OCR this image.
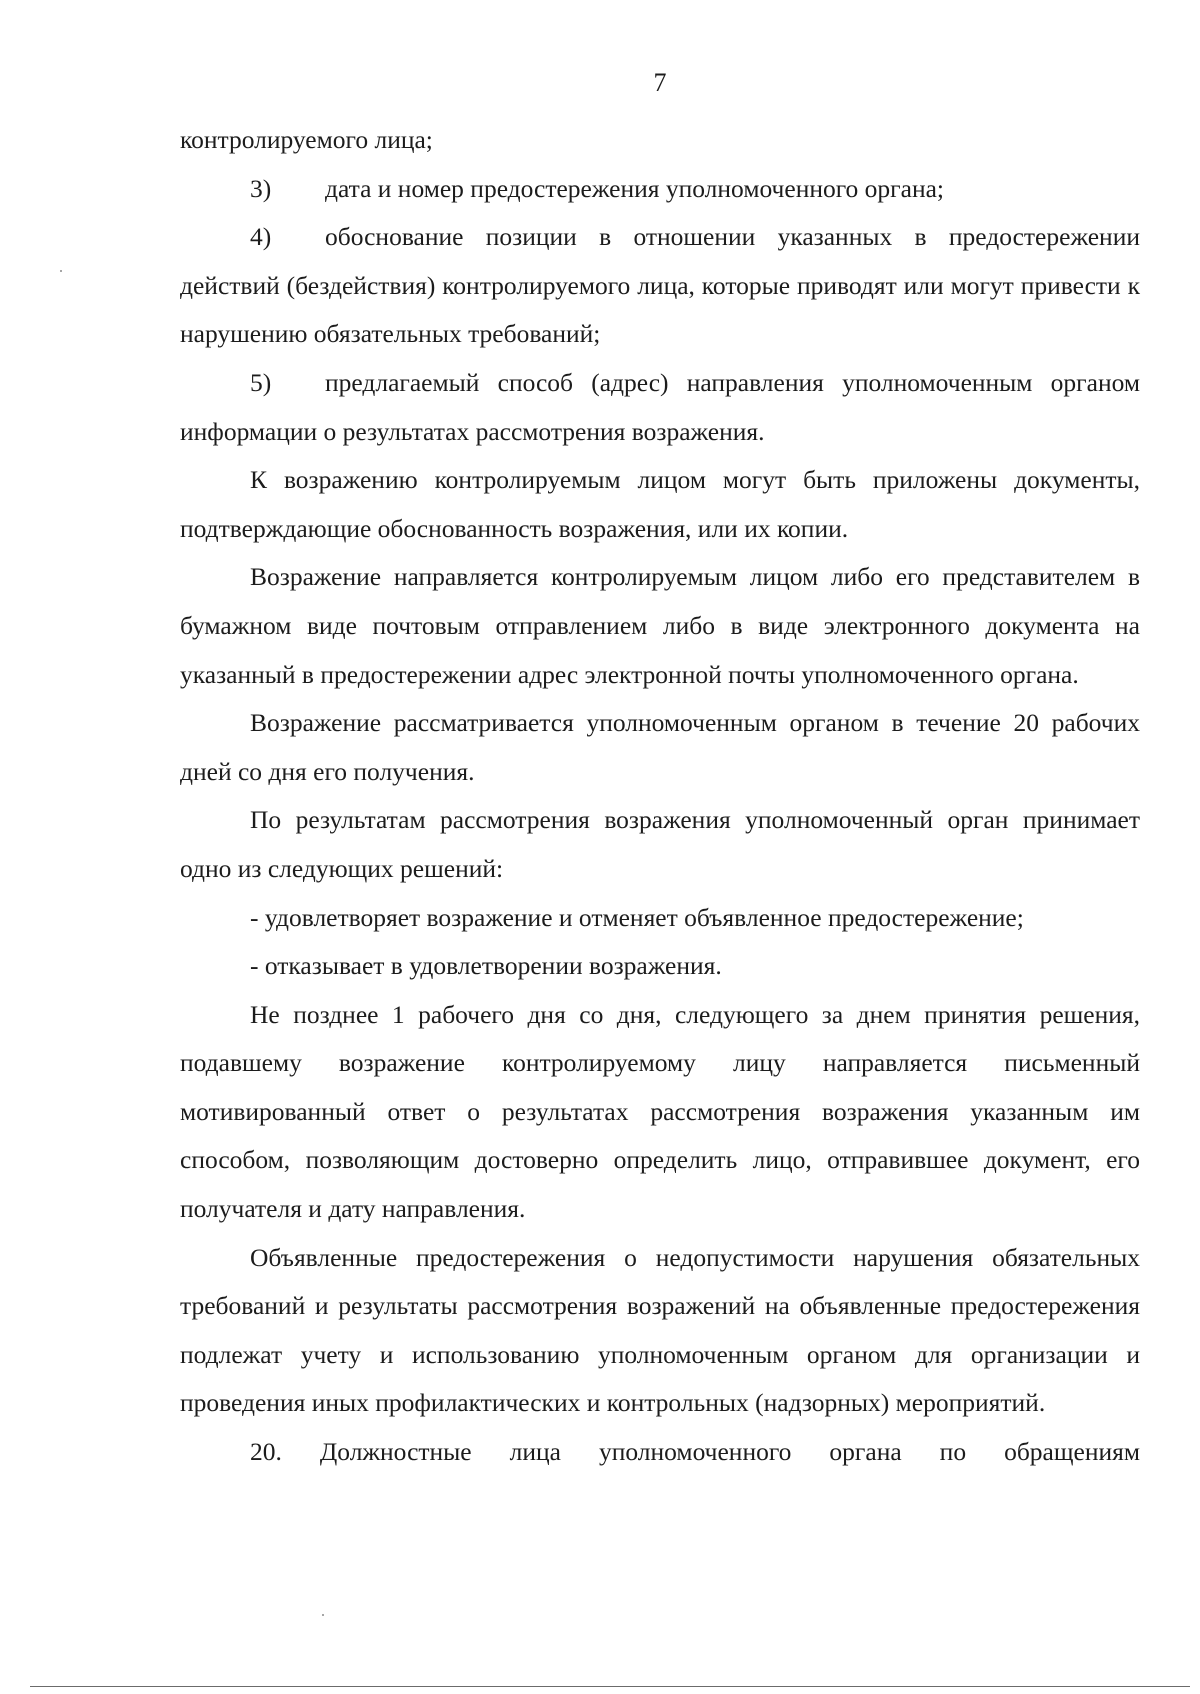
7

контролируемого лица;

3) дата и номер предостережения уполномоченного органа;

4) обоснование позиции в отношении указанных в предостережении действий (бездействия) контролируемого лица, которые приводят или могут привести к нарушению обязательных требований;

5) предлагаемый способ (адрес) направления уполномоченным органом информации о результатах рассмотрения возражения.

К возражению контролируемым лицом могут быть приложены документы, подтверждающие обоснованность возражения, или их копии.

Возражение направляется контролируемым лицом либо его представителем в бумажном виде почтовым отправлением либо в виде электронного документа на указанный в предостережении адрес электронной почты уполномоченного органа.

Возражение рассматривается уполномоченным органом в течение 20 рабочих дней со дня его получения.

По результатам рассмотрения возражения уполномоченный орган принимает одно из следующих решений:

- удовлетворяет возражение и отменяет объявленное предостережение;

- отказывает в удовлетворении возражения.

Не позднее 1 рабочего дня со дня, следующего за днем принятия решения, подавшему возражение контролируемому лицу направляется письменный мотивированный ответ о результатах рассмотрения возражения указанным им способом, позволяющим достоверно определить лицо, отправившее документ, его получателя и дату направления.

Объявленные предостережения о недопустимости нарушения обязательных требований и результаты рассмотрения возражений на объявленные предостережения подлежат учету и использованию уполномоченным органом для организации и проведения иных профилактических и контрольных (надзорных) мероприятий.

20. Должностные лица уполномоченного органа по обращениям
